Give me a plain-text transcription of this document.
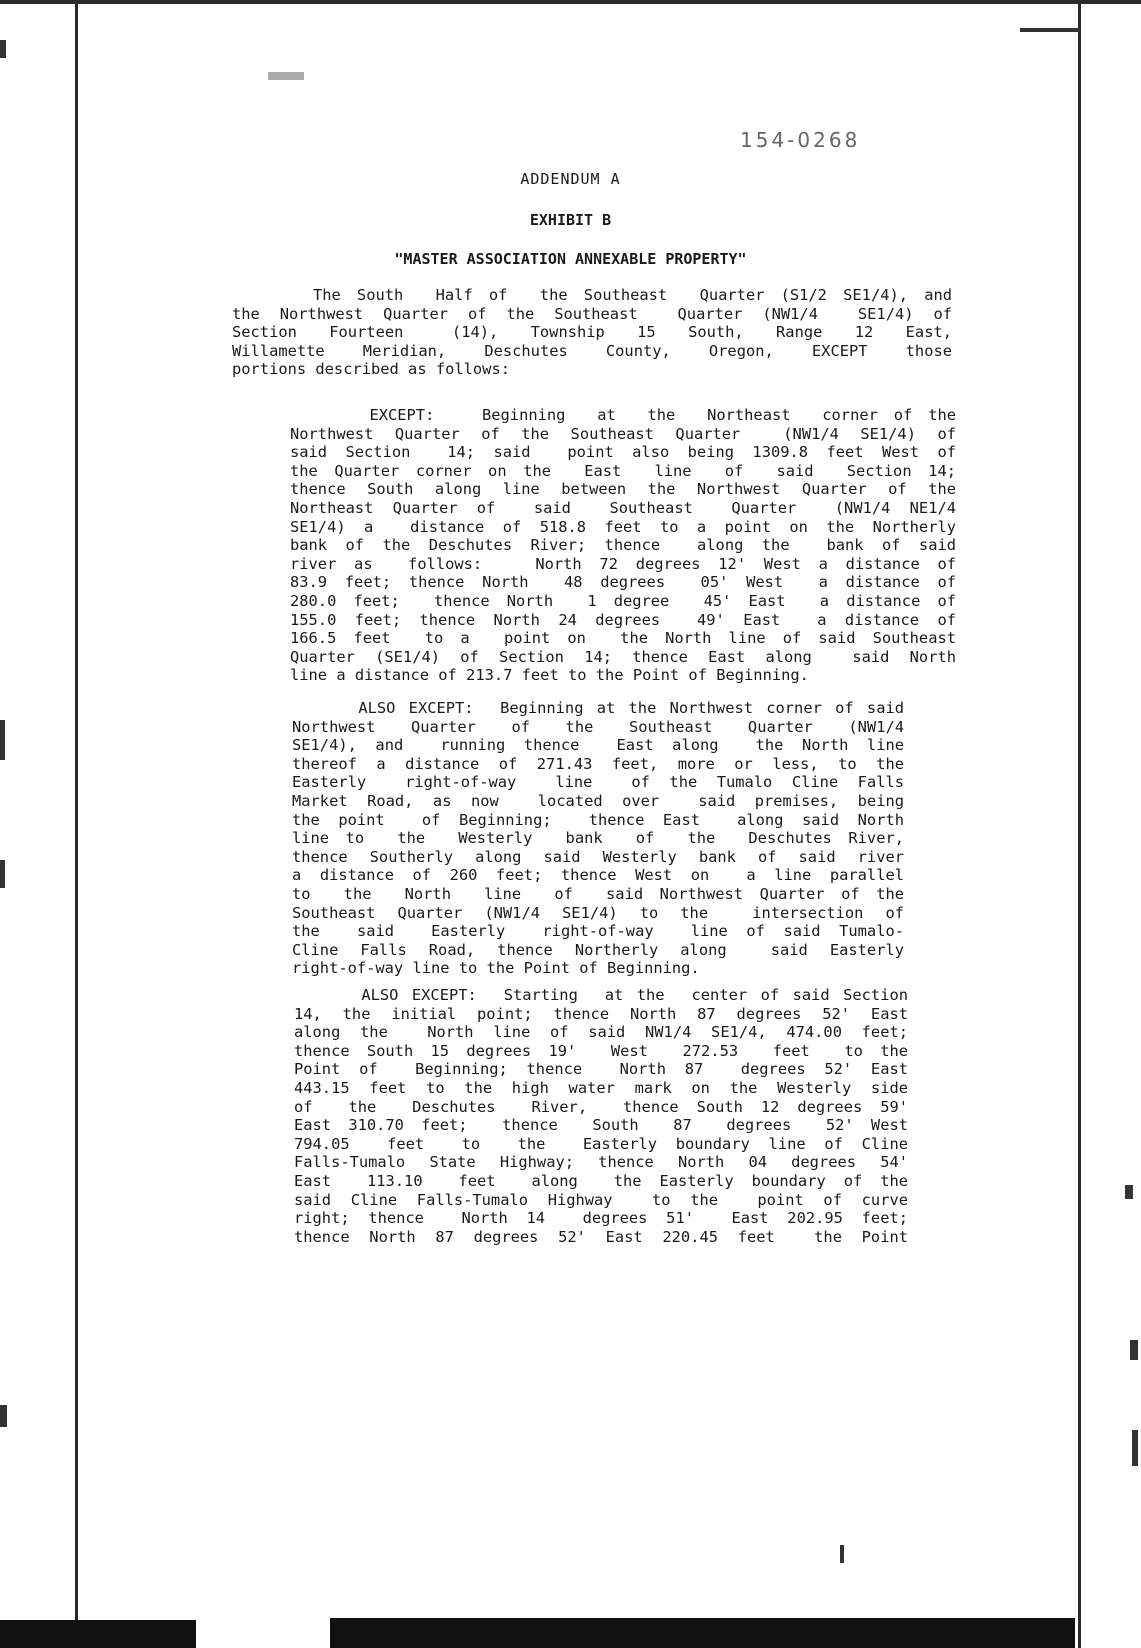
154-0268
ADDENDUM A
EXHIBIT B
"MASTER ASSOCIATION ANNEXABLE PROPERTY"
The South  Half of  the Southeast  Quarter (S1/2 SE1/4), and
the Northwest Quarter of the Southeast  Quarter (NW1/4  SE1/4) of
Section  Fourteen   (14),  Township  15  South,  Range  12  East,
Willamette  Meridian,  Deschutes  County,  Oregon,  EXCEPT  those
portions described as follows:
EXCEPT:   Beginning  at  the  Northeast  corner of the
Northwest Quarter of the Southeast Quarter  (NW1/4 SE1/4) of
said Section  14; said  point also being 1309.8 feet West of
the Quarter corner on the  East  line  of  said  Section 14;
thence South along line between the Northwest Quarter of the
Northeast Quarter of  said  Southeast  Quarter  (NW1/4 NE1/4
SE1/4) a  distance of 518.8 feet to a point on the Northerly
bank of the Deschutes River; thence  along the  bank of said
river as  follows:   North 72 degrees 12' West a distance of
83.9 feet; thence North  48 degrees  05' West  a distance of
280.0 feet;  thence North  1 degree  45' East  a distance of
155.0 feet; thence North 24 degrees  49' East  a distance of
166.5 feet  to a  point on  the North line of said Southeast
Quarter (SE1/4) of Section 14; thence East along  said North
line a distance of 213.7 feet to the Point of Beginning.
ALSO EXCEPT:  Beginning at the Northwest corner of said
Northwest  Quarter  of  the  Southeast  Quarter  (NW1/4
SE1/4), and  running thence  East along  the North line
thereof a distance of 271.43 feet, more or less, to the
Easterly  right-of-way  line  of the Tumalo Cline Falls
Market Road, as now  located over  said premises, being
the point  of Beginning;  thence East  along said North
line to  the  Westerly  bank  of  the  Deschutes River,
thence Southerly along said Westerly bank of said river
a distance of 260 feet; thence West on  a line parallel
to  the  North  line  of  said Northwest Quarter of the
Southeast Quarter (NW1/4 SE1/4) to the  intersection of
the  said  Easterly  right-of-way  line of said Tumalo-
Cline Falls Road, thence Northerly along  said Easterly
right-of-way line to the Point of Beginning.
ALSO EXCEPT:  Starting  at the  center of said Section
14, the initial point; thence North 87 degrees 52' East
along the  North line of said NW1/4 SE1/4, 474.00 feet;
thence South 15 degrees 19'  West  272.53  feet  to the
Point of  Beginning; thence  North 87  degrees 52' East
443.15 feet to the high water mark on the Westerly side
of  the  Deschutes  River,  thence South 12 degrees 59'
East 310.70 feet;  thence  South  87  degrees  52' West
794.05  feet  to  the  Easterly boundary line of Cline
Falls-Tumalo State Highway; thence North 04 degrees 54'
East  113.10  feet  along  the Easterly boundary of the
said Cline Falls-Tumalo Highway  to the  point of curve
right; thence  North 14  degrees 51'  East 202.95 feet;
thence North 87 degrees 52' East 220.45 feet  the Point
